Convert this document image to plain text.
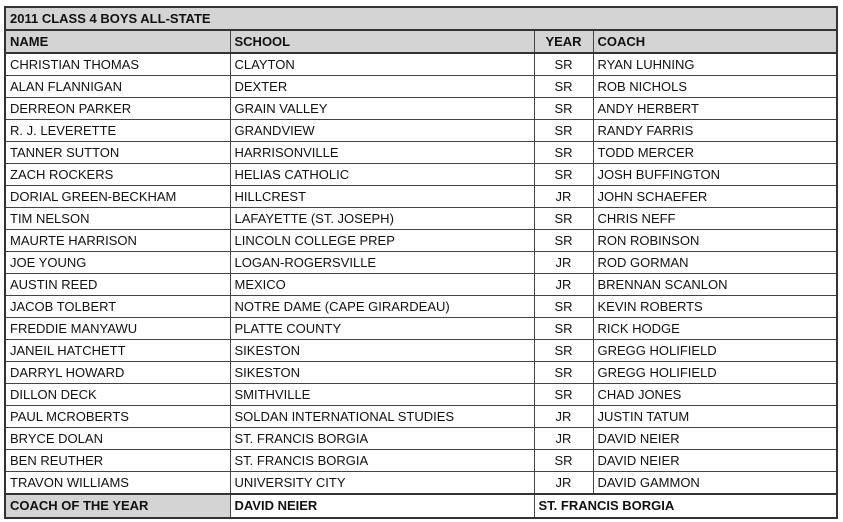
2011 CLASS 4 BOYS ALL-STATE			
NAME	SCHOOL	YEAR	COACH
CHRISTIAN THOMAS	CLAYTON	SR	RYAN LUHNING
ALAN FLANNIGAN	DEXTER	SR	ROB NICHOLS
DERREON PARKER	GRAIN VALLEY	SR	ANDY HERBERT
R. J. LEVERETTE	GRANDVIEW	SR	RANDY FARRIS
TANNER SUTTON	HARRISONVILLE	SR	TODD MERCER
ZACH ROCKERS	HELIAS CATHOLIC	SR	JOSH BUFFINGTON
DORIAL GREEN-BECKHAM	HILLCREST	JR	JOHN SCHAEFER
TIM NELSON	LAFAYETTE (ST. JOSEPH)	SR	CHRIS NEFF
MAURTE HARRISON	LINCOLN COLLEGE PREP	SR	RON ROBINSON
JOE YOUNG	LOGAN-ROGERSVILLE	JR	ROD GORMAN
AUSTIN REED	MEXICO	JR	BRENNAN SCANLON
JACOB TOLBERT	NOTRE DAME (CAPE GIRARDEAU)	SR	KEVIN ROBERTS
FREDDIE MANYAWU	PLATTE COUNTY	SR	RICK HODGE
JANEIL HATCHETT	SIKESTON	SR	GREGG HOLIFIELD
DARRYL HOWARD	SIKESTON	SR	GREGG HOLIFIELD
DILLON DECK	SMITHVILLE	SR	CHAD JONES
PAUL MCROBERTS	SOLDAN INTERNATIONAL STUDIES	JR	JUSTIN TATUM
BRYCE DOLAN	ST. FRANCIS BORGIA	JR	DAVID NEIER
BEN REUTHER	ST. FRANCIS BORGIA	SR	DAVID NEIER
TRAVON WILLIAMS	UNIVERSITY CITY	JR	DAVID GAMMON
COACH OF THE YEAR	DAVID NEIER	ST. FRANCIS BORGIA	
